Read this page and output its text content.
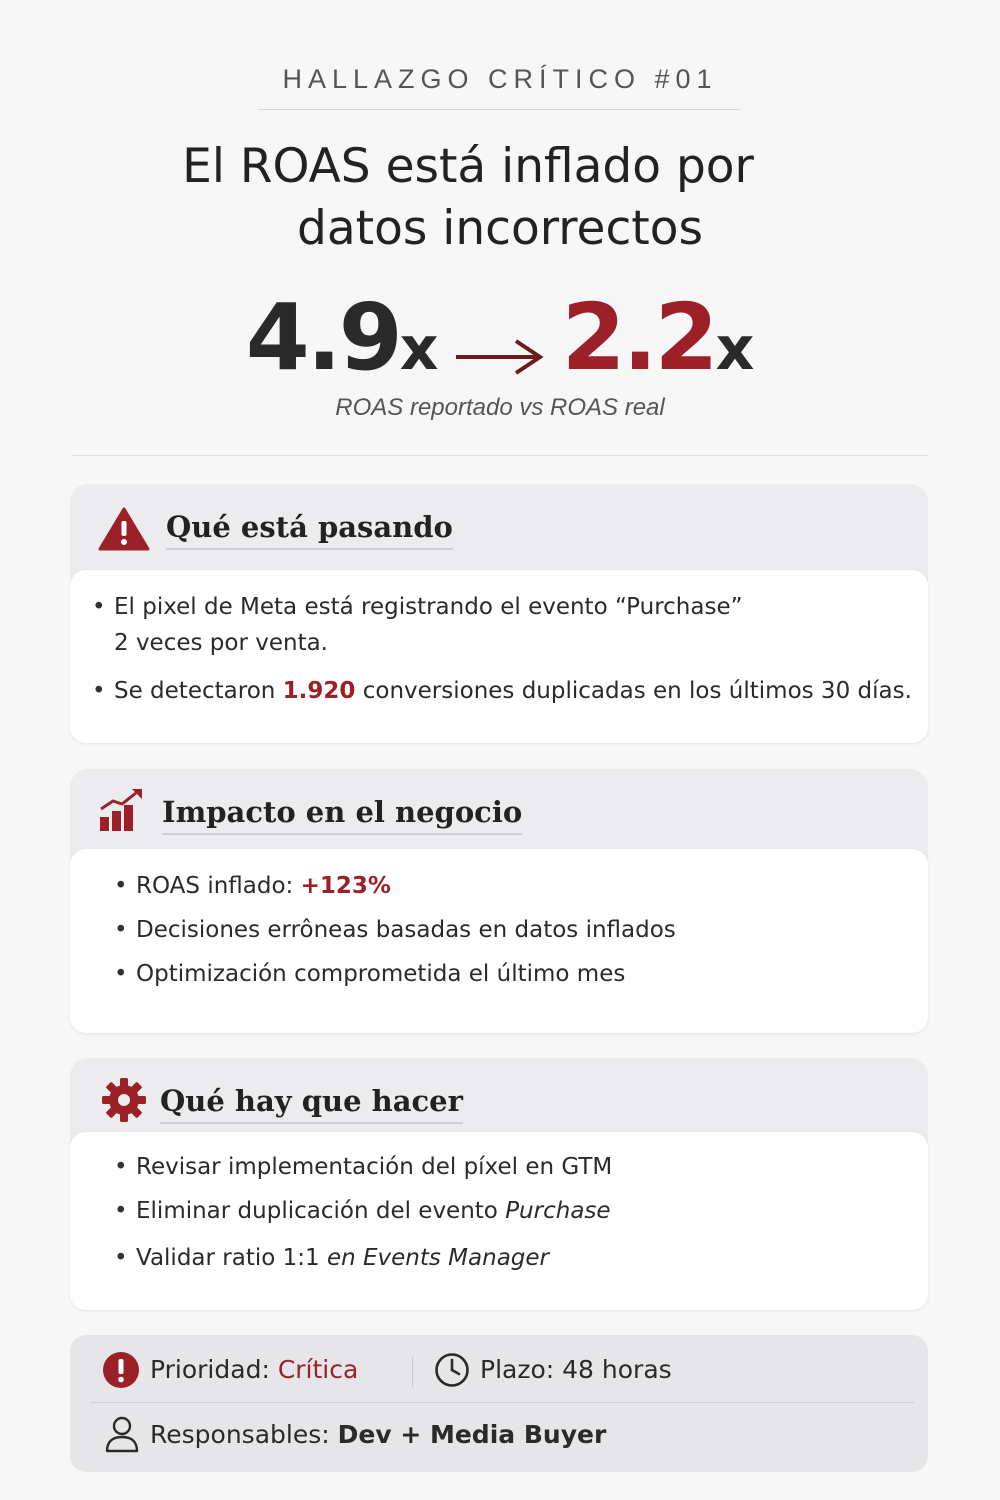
HALLAZGO CRÍTICO #01
El ROAS está inflado por
datos incorrectos
4.9x 2.2x
ROAS reportado vs ROAS real
Qué está pasando
• El pixel de Meta está registrando el evento “Purchase”
2 veces por venta.
• Se detectaron 1.920 conversiones duplicadas en los últimos 30 días.
Impacto en el negocio
• ROAS inflado: +123%
• Decisiones errôneas basadas en datos inflados
• Optimización comprometida el último mes
Qué hay que hacer
• Revisar implementación del píxel en GTM
• Eliminar duplicación del evento Purchase
• Validar ratio 1:1 en Events Manager
Prioridad: Crítica	Plazo: 48 horas
Responsables: Dev + Media Buyer
